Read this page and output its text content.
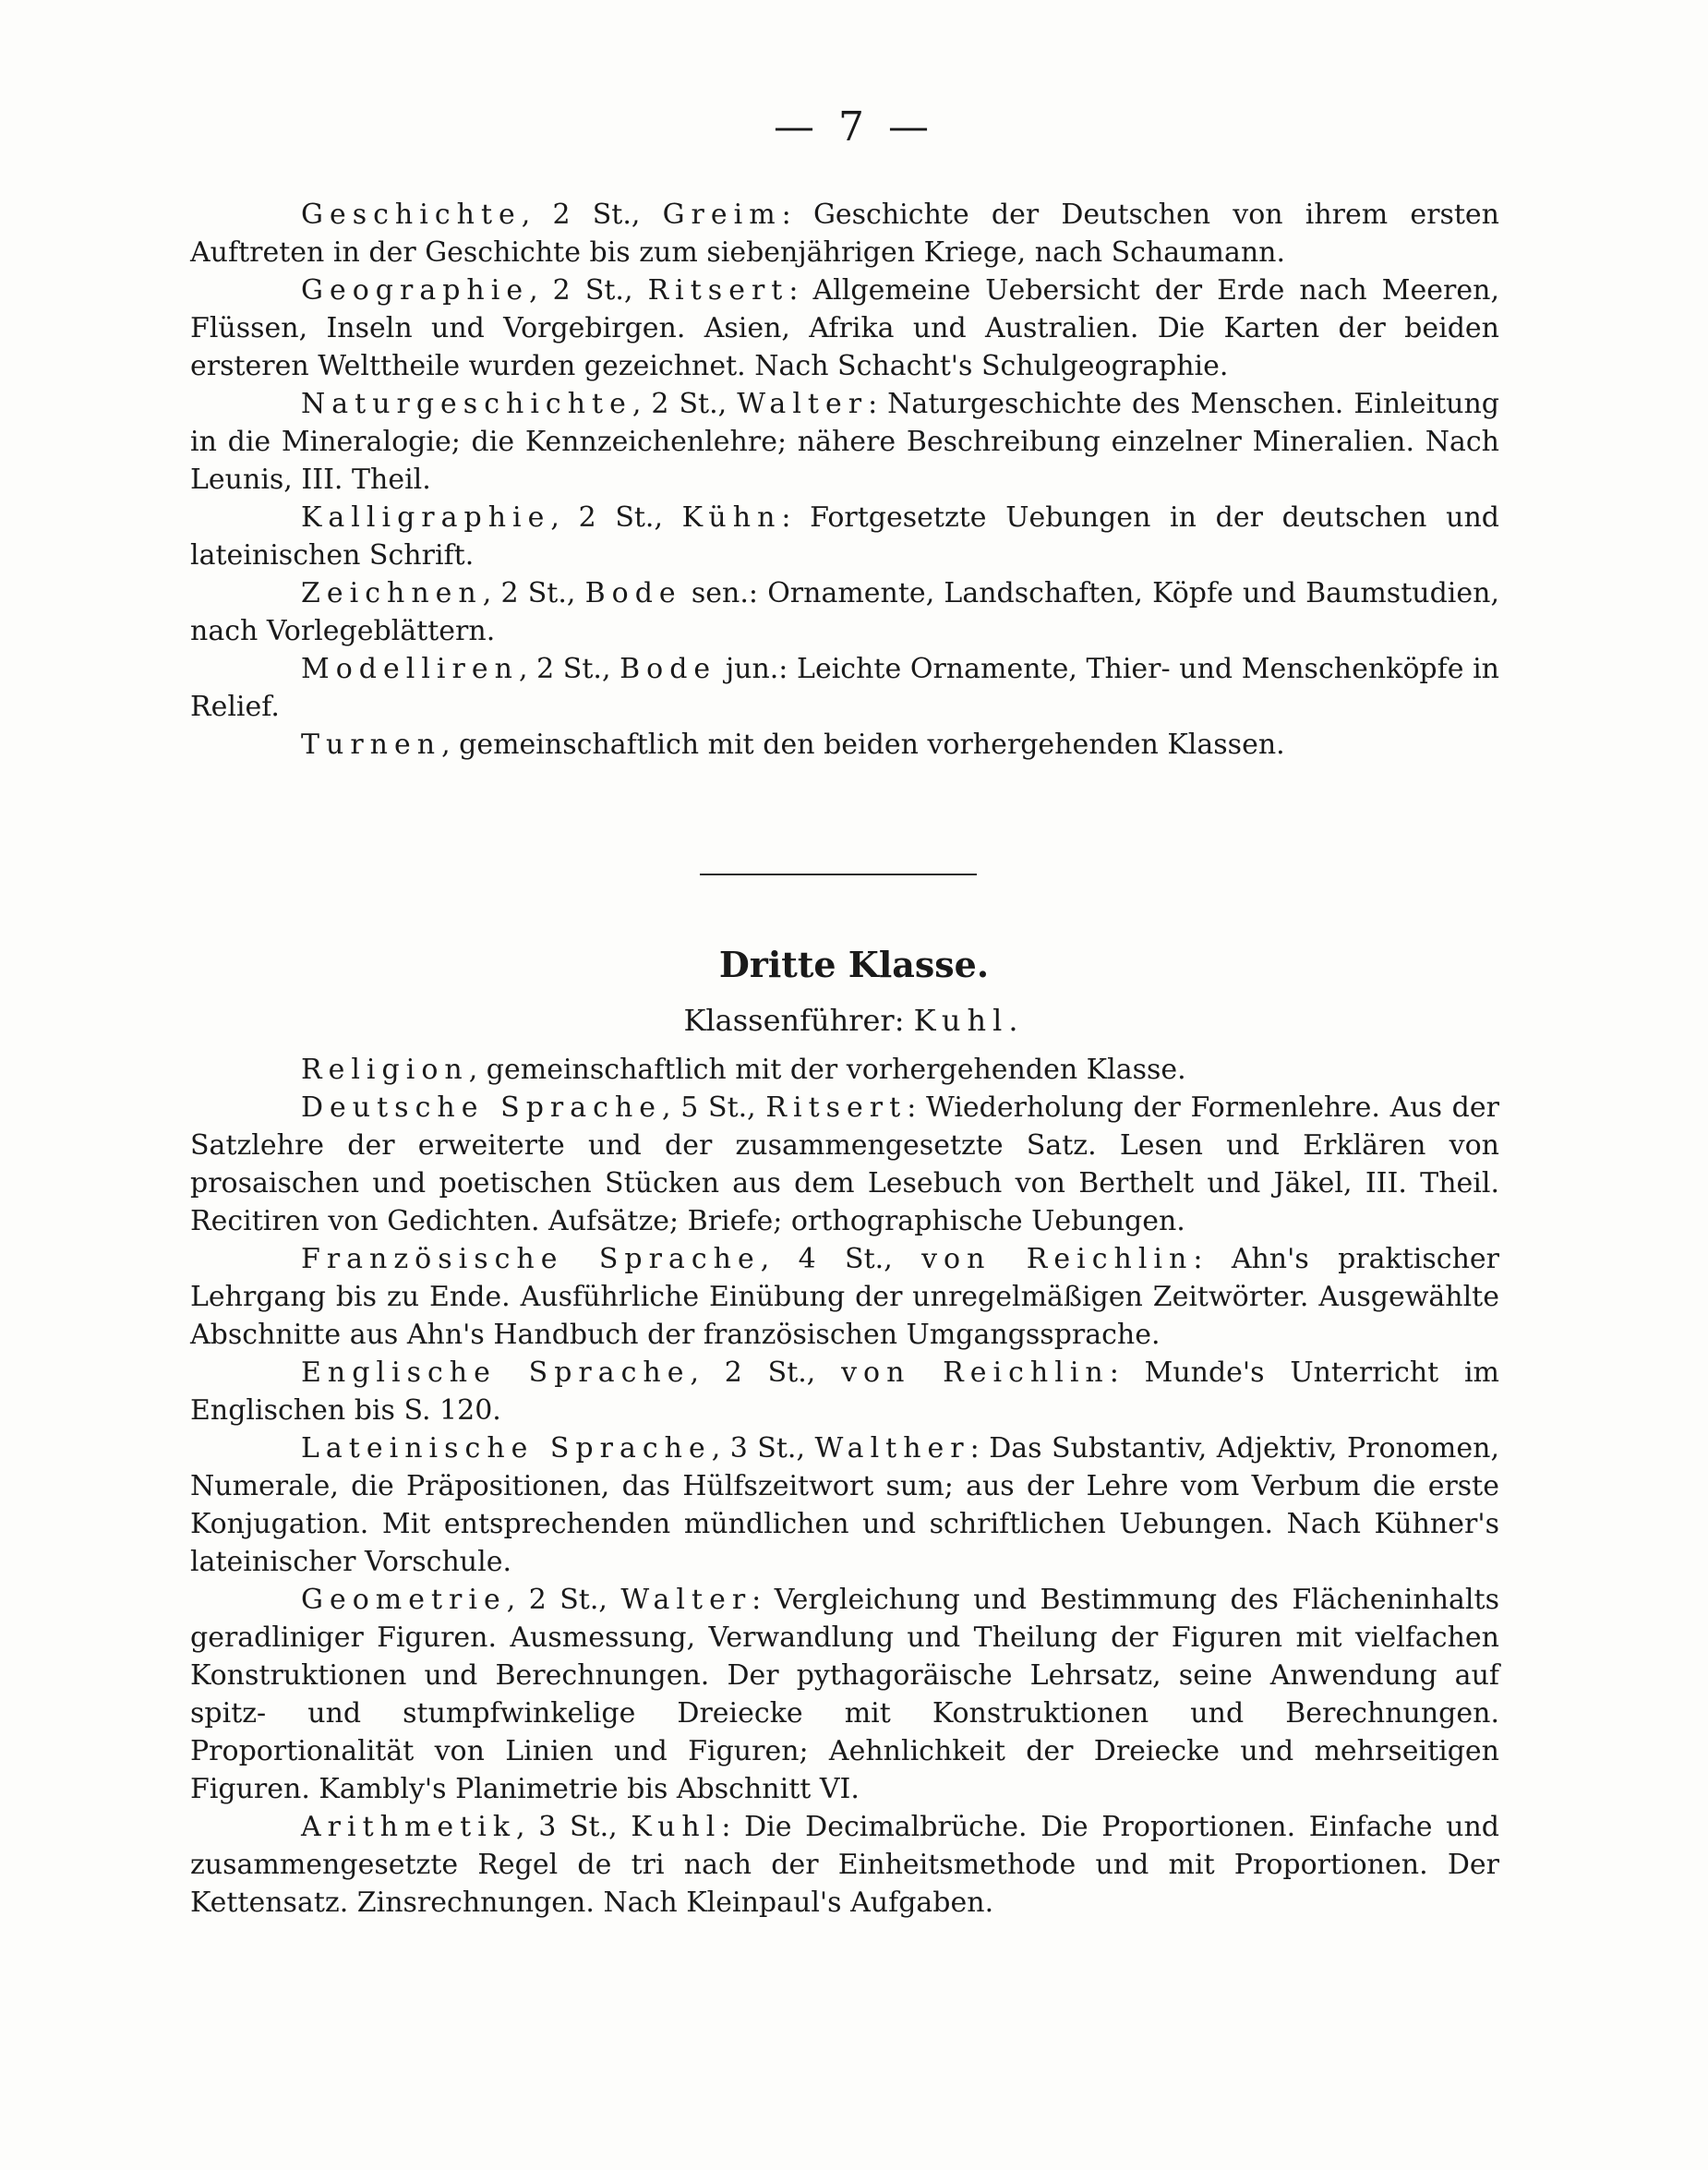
— 7 —

Geschichte, 2 St., Greim: Geschichte der Deutschen von ihrem ersten Auftreten in der Geschichte bis zum siebenjährigen Kriege, nach Schaumann.

Geographie, 2 St., Ritsert: Allgemeine Uebersicht der Erde nach Meeren, Flüssen, Inseln und Vorgebirgen. Asien, Afrika und Australien. Die Karten der beiden ersteren Welttheile wurden gezeichnet. Nach Schacht's Schulgeographie.

Naturgeschichte, 2 St., Walter: Naturgeschichte des Menschen. Einleitung in die Mineralogie; die Kennzeichenlehre; nähere Beschreibung einzelner Mineralien. Nach Leunis, III. Theil.

Kalligraphie, 2 St., Kühn: Fortgesetzte Uebungen in der deutschen und lateinischen Schrift.

Zeichnen, 2 St., Bode sen.: Ornamente, Landschaften, Köpfe und Baumstudien, nach Vorlegeblättern.

Modelliren, 2 St., Bode jun.: Leichte Ornamente, Thier- und Menschenköpfe in Relief.

Turnen, gemeinschaftlich mit den beiden vorhergehenden Klassen.

Dritte Klasse.
Klassenführer: Kuhl.

Religion, gemeinschaftlich mit der vorhergehenden Klasse.

Deutsche Sprache, 5 St., Ritsert: Wiederholung der Formenlehre. Aus der Satzlehre der erweiterte und der zusammengesetzte Satz. Lesen und Erklären von prosaischen und poetischen Stücken aus dem Lesebuch von Berthelt und Jäkel, III. Theil. Recitiren von Gedichten. Aufsätze; Briefe; orthographische Uebungen.

Französische Sprache, 4 St., von Reichlin: Ahn's praktischer Lehrgang bis zu Ende. Ausführliche Einübung der unregelmäßigen Zeitwörter. Ausgewählte Abschnitte aus Ahn's Handbuch der französischen Umgangssprache.

Englische Sprache, 2 St., von Reichlin: Munde's Unterricht im Englischen bis S. 120.

Lateinische Sprache, 3 St., Walther: Das Substantiv, Adjektiv, Pronomen, Numerale, die Präpositionen, das Hülfszeitwort sum; aus der Lehre vom Verbum die erste Konjugation. Mit entsprechenden mündlichen und schriftlichen Uebungen. Nach Kühner's lateinischer Vorschule.

Geometrie, 2 St., Walter: Vergleichung und Bestimmung des Flächeninhalts geradliniger Figuren. Ausmessung, Verwandlung und Theilung der Figuren mit vielfachen Konstruktionen und Berechnungen. Der pythagoräische Lehrsatz, seine Anwendung auf spitz- und stumpfwinkelige Dreiecke mit Konstruktionen und Berechnungen. Proportionalität von Linien und Figuren; Aehnlichkeit der Dreiecke und mehrseitigen Figuren. Kambly's Planimetrie bis Abschnitt VI.

Arithmetik, 3 St., Kuhl: Die Decimalbrüche. Die Proportionen. Einfache und zusammengesetzte Regel de tri nach der Einheitsmethode und mit Proportionen. Der Kettensatz. Zinsrechnungen. Nach Kleinpaul's Aufgaben.
